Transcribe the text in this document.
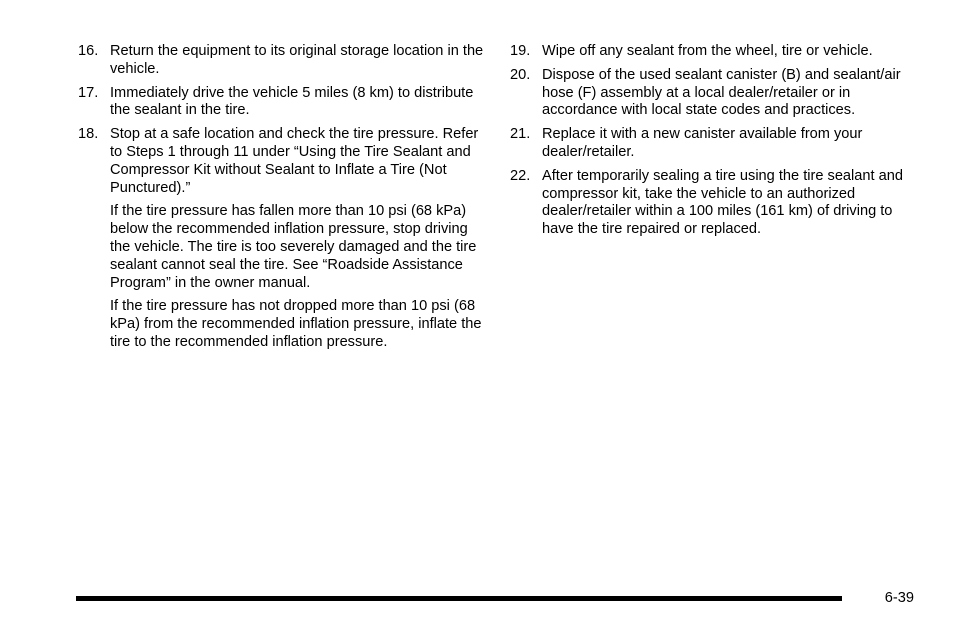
16. Return the equipment to its original storage location in the vehicle.

17. Immediately drive the vehicle 5 miles (8 km) to distribute the sealant in the tire.

18. Stop at a safe location and check the tire pressure. Refer to Steps 1 through 11 under “Using the Tire Sealant and Compressor Kit without Sealant to Inflate a Tire (Not Punctured).”

If the tire pressure has fallen more than 10 psi (68 kPa) below the recommended inflation pressure, stop driving the vehicle. The tire is too severely damaged and the tire sealant cannot seal the tire. See “Roadside Assistance Program” in the owner manual.

If the tire pressure has not dropped more than 10 psi (68 kPa) from the recommended inflation pressure, inflate the tire to the recommended inflation pressure.

19. Wipe off any sealant from the wheel, tire or vehicle.

20. Dispose of the used sealant canister (B) and sealant/air hose (F) assembly at a local dealer/retailer or in accordance with local state codes and practices.

21. Replace it with a new canister available from your dealer/retailer.

22. After temporarily sealing a tire using the tire sealant and compressor kit, take the vehicle to an authorized dealer/retailer within a 100 miles (161 km) of driving to have the tire repaired or replaced.

6-39
